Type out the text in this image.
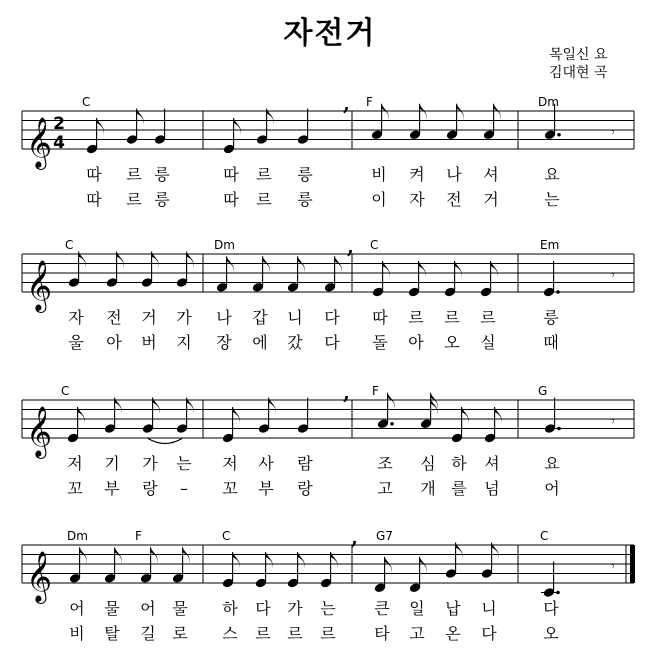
자전거
목일신 요
김대현 곡
𝄞 2
4
𝄾
𝄞	𝄾
𝄞	𝄾
𝄞	𝄾
,
,
,
,
따	르 릉	따	르	릉	비	켜	나	셔	요
따	르 릉	따	르	릉	이	자	전	거	는
C	F	Dm
자	전	거	가	나	갑	니	다	따	르	르	르	릉
울	아	버	지	장	에	갔	다	돌	아	오	실	때
C	Dm	C	Em
저	기	가	는	저	사	람	조	심 하	셔	요
꼬	부	랑	–	꼬	부	랑	고	개 를	넘	어
C	F	G
어	물	어	물	하	다	가	는	큰	일	납	니	다
비	탈	길	로	스	르	르	르	타	고	온	다	오
Dm	F	C	G7	C
